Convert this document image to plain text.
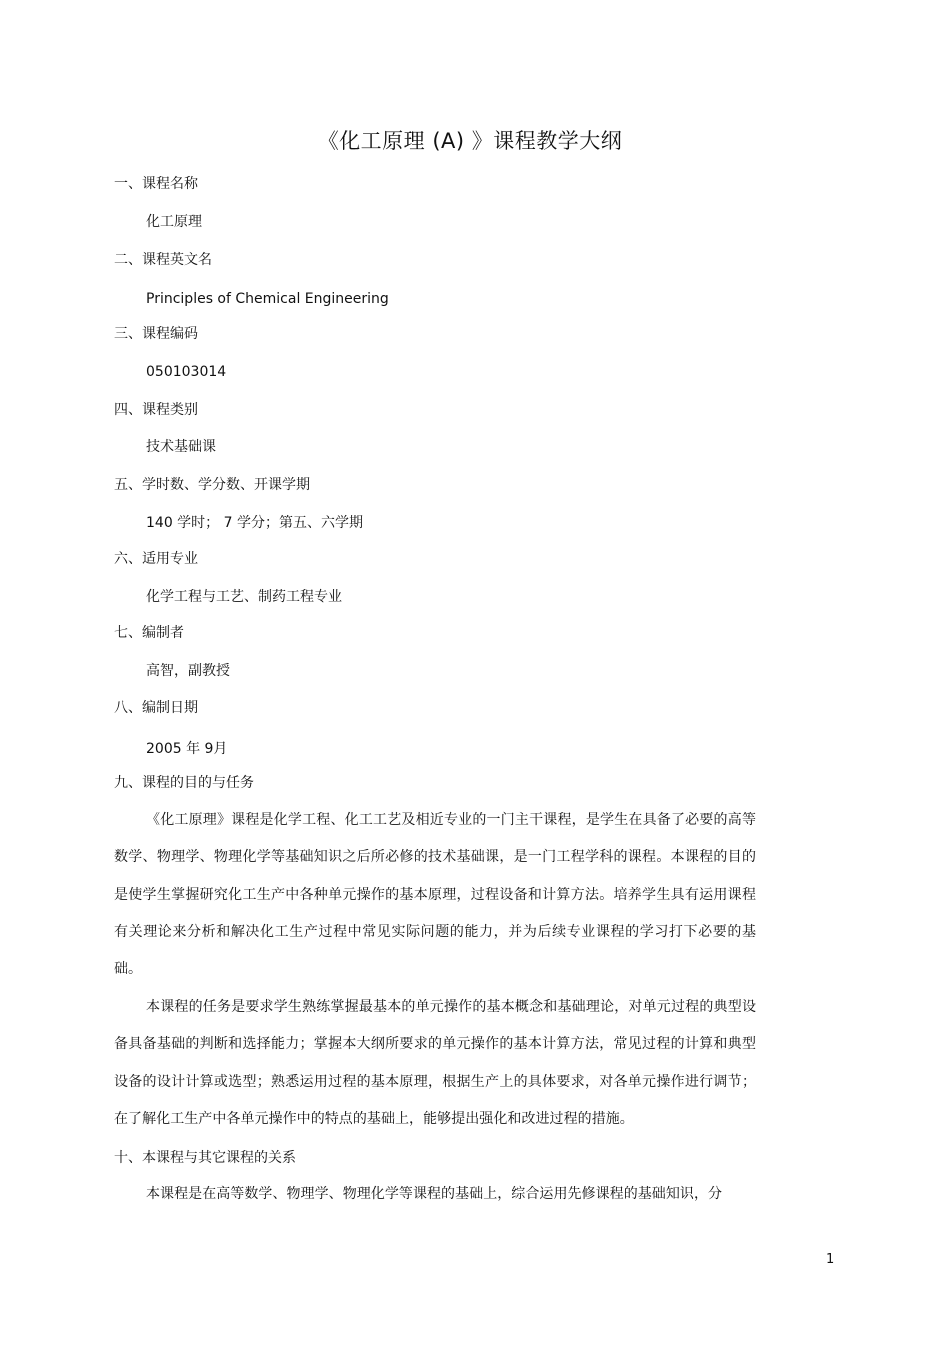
《化工原理 (A) 》课程教学大纲
一、课程名称
化工原理
二、课程英文名
Principles of Chemical Engineering
三、课程编码
050103014
四、课程类别
技术基础课
五、学时数、学分数、开课学期
140 学时； 7 学分；第五、六学期
六、适用专业
化学工程与工艺、制药工程专业
七、编制者
高智，副教授
八、编制日期
2005 年 9月
九、课程的目的与任务
《化工原理》课程是化学工程、化工工艺及相近专业的一门主干课程，是学生在具备了必要的高等数学、物理学、物理化学等基础知识之后所必修的技术基础课，是一门工程学科的课程。本课程的目的是使学生掌握研究化工生产中各种单元操作的基本原理，过程设备和计算方法。培养学生具有运用课程有关理论来分析和解决化工生产过程中常见实际问题的能力，并为后续专业课程的学习打下必要的基础。
本课程的任务是要求学生熟练掌握最基本的单元操作的基本概念和基础理论，对单元过程的典型设备具备基础的判断和选择能力；掌握本大纲所要求的单元操作的基本计算方法，常见过程的计算和典型设备的设计计算或选型；熟悉运用过程的基本原理，根据生产上的具体要求，对各单元操作进行调节；在了解化工生产中各单元操作中的特点的基础上，能够提出强化和改进过程的措施。
十、本课程与其它课程的关系
本课程是在高等数学、物理学、物理化学等课程的基础上，综合运用先修课程的基础知识，分
1
